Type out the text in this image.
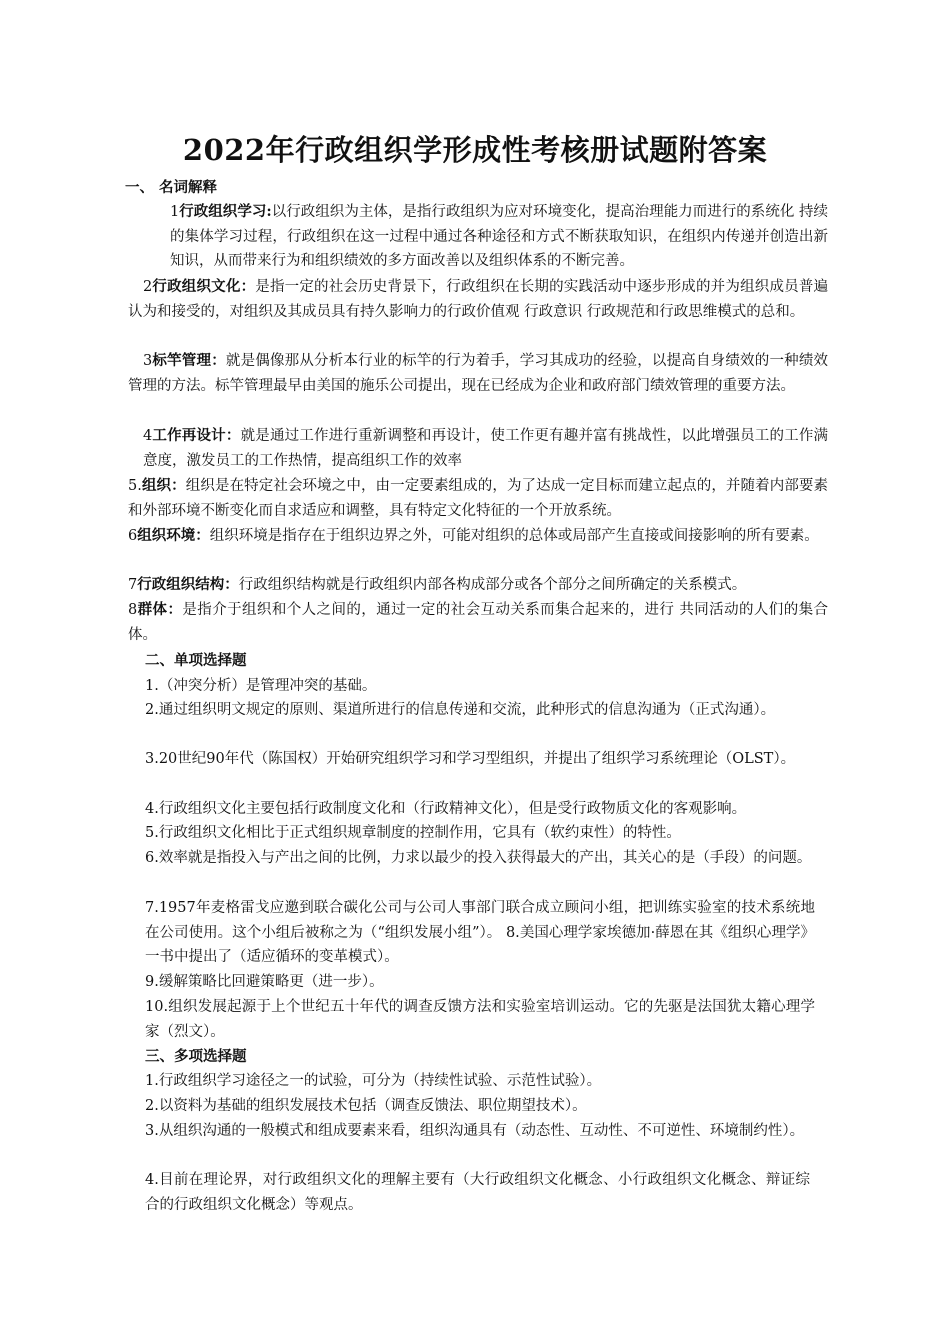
2022年行政组织学形成性考核册试题附答案
一、 名词解释
1行政组织学习:以行政组织为主体，是指行政组织为应对环境变化，提高治理能力而进行的系统化 持续的集体学习过程，行政组织在这一过程中通过各种途径和方式不断获取知识，在组织内传递并创造出新知识，从而带来行为和组织绩效的多方面改善以及组织体系的不断完善。
2行政组织文化：是指一定的社会历史背景下，行政组织在长期的实践活动中逐步形成的并为组织成员普遍认为和接受的，对组织及其成员具有持久影响力的行政价值观 行政意识 行政规范和行政思维模式的总和。
3标竿管理：就是偶像那从分析本行业的标竿的行为着手，学习其成功的经验，以提高自身绩效的一种绩效管理的方法。标竿管理最早由美国的施乐公司提出，现在已经成为企业和政府部门绩效管理的重要方法。
4工作再设计：就是通过工作进行重新调整和再设计，使工作更有趣并富有挑战性，以此增强员工的工作满意度，激发员工的工作热情，提高组织工作的效率
5.组织：组织是在特定社会环境之中，由一定要素组成的，为了达成一定目标而建立起点的，并随着内部要素和外部环境不断变化而自求适应和调整，具有特定文化特征的一个开放系统。
6组织环境：组织环境是指存在于组织边界之外，可能对组织的总体或局部产生直接或间接影响的所有要素。
7行政组织结构：行政组织结构就是行政组织内部各构成部分或各个部分之间所确定的关系模式。
8群体：是指介于组织和个人之间的，通过一定的社会互动关系而集合起来的，进行 共同活动的人们的集合体。
二、单项选择题
1.（冲突分析）是管理冲突的基础。
2.通过组织明文规定的原则、渠道所进行的信息传递和交流，此种形式的信息沟通为（正式沟通）。
3.20世纪90年代（陈国权）开始研究组织学习和学习型组织，并提出了组织学习系统理论（OLST）。
4.行政组织文化主要包括行政制度文化和（行政精神文化），但是受行政物质文化的客观影响。
5.行政组织文化相比于正式组织规章制度的控制作用，它具有（软约束性）的特性。
6.效率就是指投入与产出之间的比例，力求以最少的投入获得最大的产出，其关心的是（手段）的问题。
7.1957年麦格雷戈应邀到联合碳化公司与公司人事部门联合成立顾问小组，把训练实验室的技术系统地在公司使用。这个小组后被称之为（“组织发展小组”）。 8.美国心理学家埃德加·薛恩在其《组织心理学》一书中提出了（适应循环的变革模式）。
9.缓解策略比回避策略更（进一步）。
10.组织发展起源于上个世纪五十年代的调查反馈方法和实验室培训运动。它的先驱是法国犹太籍心理学家（烈文）。
三、多项选择题
1.行政组织学习途径之一的试验，可分为（持续性试验、示范性试验）。
2.以资料为基础的组织发展技术包括（调查反馈法、职位期望技术）。
3.从组织沟通的一般模式和组成要素来看，组织沟通具有（动态性、互动性、不可逆性、环境制约性）。
4.目前在理论界，对行政组织文化的理解主要有（大行政组织文化概念、小行政组织文化概念、辩证综合的行政组织文化概念）等观点。
